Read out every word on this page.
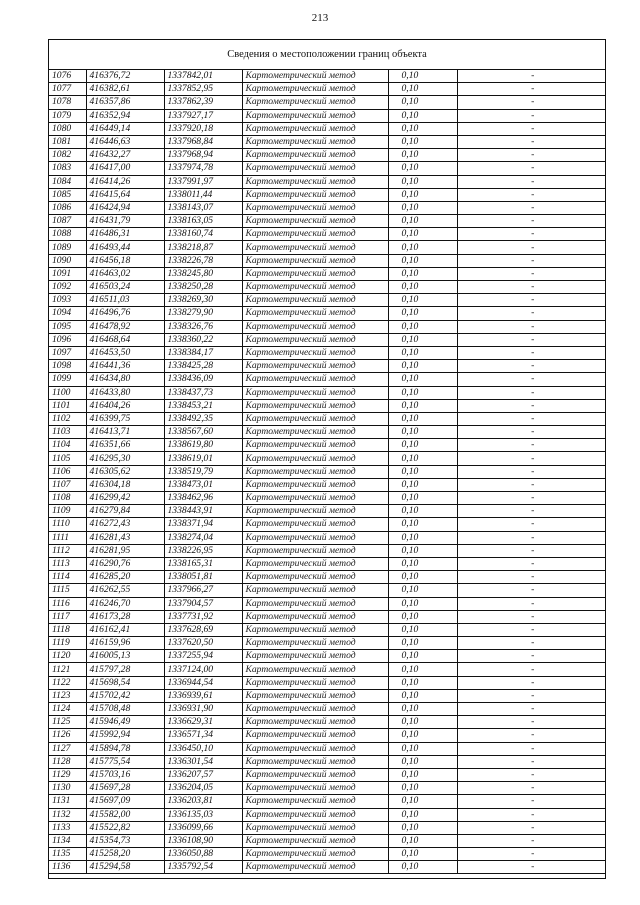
213
Сведения о местоположении границ объекта
1076	416376,72	1337842,01	Картометрический метод	0,10	-
1077	416382,61	1337852,95	Картометрический метод	0,10	-
1078	416357,86	1337862,39	Картометрический метод	0,10	-
1079	416352,94	1337927,17	Картометрический метод	0,10	-
1080	416449,14	1337920,18	Картометрический метод	0,10	-
1081	416446,63	1337968,84	Картометрический метод	0,10	-
1082	416432,27	1337968,94	Картометрический метод	0,10	-
1083	416417,00	1337974,78	Картометрический метод	0,10	-
1084	416414,26	1337991,97	Картометрический метод	0,10	-
1085	416415,64	1338011,44	Картометрический метод	0,10	-
1086	416424,94	1338143,07	Картометрический метод	0,10	-
1087	416431,79	1338163,05	Картометрический метод	0,10	-
1088	416486,31	1338160,74	Картометрический метод	0,10	-
1089	416493,44	1338218,87	Картометрический метод	0,10	-
1090	416456,18	1338226,78	Картометрический метод	0,10	-
1091	416463,02	1338245,80	Картометрический метод	0,10	-
1092	416503,24	1338250,28	Картометрический метод	0,10	-
1093	416511,03	1338269,30	Картометрический метод	0,10	-
1094	416496,76	1338279,90	Картометрический метод	0,10	-
1095	416478,92	1338326,76	Картометрический метод	0,10	-
1096	416468,64	1338360,22	Картометрический метод	0,10	-
1097	416453,50	1338384,17	Картометрический метод	0,10	-
1098	416441,36	1338425,28	Картометрический метод	0,10	-
1099	416434,80	1338436,09	Картометрический метод	0,10	-
1100	416433,80	1338437,73	Картометрический метод	0,10	-
1101	416404,26	1338453,21	Картометрический метод	0,10	-
1102	416399,75	1338492,35	Картометрический метод	0,10	-
1103	416413,71	1338567,60	Картометрический метод	0,10	-
1104	416351,66	1338619,80	Картометрический метод	0,10	-
1105	416295,30	1338619,01	Картометрический метод	0,10	-
1106	416305,62	1338519,79	Картометрический метод	0,10	-
1107	416304,18	1338473,01	Картометрический метод	0,10	-
1108	416299,42	1338462,96	Картометрический метод	0,10	-
1109	416279,84	1338443,91	Картометрический метод	0,10	-
1110	416272,43	1338371,94	Картометрический метод	0,10	-
1111	416281,43	1338274,04	Картометрический метод	0,10	-
1112	416281,95	1338226,95	Картометрический метод	0,10	-
1113	416290,76	1338165,31	Картометрический метод	0,10	-
1114	416285,20	1338051,81	Картометрический метод	0,10	-
1115	416262,55	1337966,27	Картометрический метод	0,10	-
1116	416246,70	1337904,57	Картометрический метод	0,10	-
1117	416173,28	1337731,92	Картометрический метод	0,10	-
1118	416162,41	1337628,69	Картометрический метод	0,10	-
1119	416159,96	1337620,50	Картометрический метод	0,10	-
1120	416005,13	1337255,94	Картометрический метод	0,10	-
1121	415797,28	1337124,00	Картометрический метод	0,10	-
1122	415698,54	1336944,54	Картометрический метод	0,10	-
1123	415702,42	1336939,61	Картометрический метод	0,10	-
1124	415708,48	1336931,90	Картометрический метод	0,10	-
1125	415946,49	1336629,31	Картометрический метод	0,10	-
1126	415992,94	1336571,34	Картометрический метод	0,10	-
1127	415894,78	1336450,10	Картометрический метод	0,10	-
1128	415775,54	1336301,54	Картометрический метод	0,10	-
1129	415703,16	1336207,57	Картометрический метод	0,10	-
1130	415697,28	1336204,05	Картометрический метод	0,10	-
1131	415697,09	1336203,81	Картометрический метод	0,10	-
1132	415582,00	1336135,03	Картометрический метод	0,10	-
1133	415522,82	1336099,66	Картометрический метод	0,10	-
1134	415354,73	1336108,90	Картометрический метод	0,10	-
1135	415258,20	1336050,88	Картометрический метод	0,10	-
1136	415294,58	1335792,54	Картометрический метод	0,10	-
